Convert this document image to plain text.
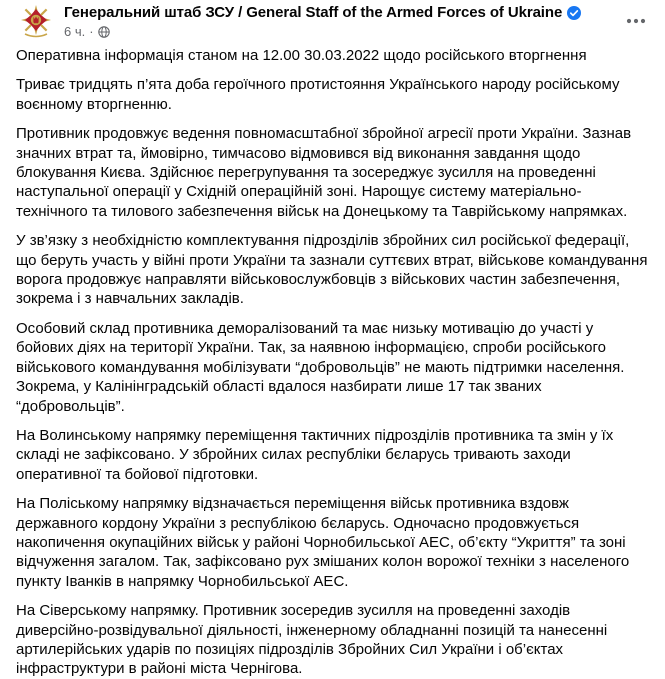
Генеральний штаб ЗСУ / General Staff of the Armed Forces of Ukraine
6 ч. ·

Оперативна інформація станом на 12.00 30.03.2022 щодо російського вторгнення

Триває тридцять п’ята доба героїчного протистояння Українського народу російському воєнному вторгненню.

Противник продовжує ведення повномасштабної збройної агресії проти України. Зазнав значних втрат та, ймовірно, тимчасово відмовився від виконання завдання щодо блокування Києва. Здійснює перегрупування та зосереджує зусилля на проведенні наступальної операції у Східній операційній зоні. Нарощує систему матеріально-технічного та тилового забезпечення військ на Донецькому та Таврійському напрямках.

У зв’язку з необхідністю комплектування підрозділів збройних сил російської федерації, що беруть участь у війні проти України та зазнали суттєвих втрат, військове командування ворога продовжує направляти військовослужбовців з військових частин забезпечення, зокрема і з навчальних закладів.

Особовий склад противника деморалізований та має низьку мотивацію до участі у бойових діях на території України. Так, за наявною інформацією, спроби російського військового командування мобілізувати “добровольців” не мають підтримки населення. Зокрема, у Калінінградській області вдалося назбирати лише 17 так званих “добровольців”.

На Волинському напрямку переміщення тактичних підрозділів противника та змін у їх складі не зафіксовано. У збройних силах республіки бєларусь тривають заходи оперативної та бойової підготовки.

На Поліському напрямку відзначається переміщення військ противника вздовж державного кордону України з республікою бєларусь. Одночасно продовжується накопичення окупаційних військ у районі Чорнобильської АЕС, об’єкту “Укриття” та зоні відчуження загалом. Так, зафіксовано рух змішаних колон ворожої техніки з населеного пункту Іванків в напрямку Чорнобильської АЕС.

На Сіверському напрямку. Противник зосередив зусилля на проведенні заходів диверсійно-розвідувальної діяльності, інженерному обладнанні позицій та нанесенні артилерійських ударів по позиціях підрозділів Збройних Сил України і об’єктах інфраструктури в районі міста Чернігова.
